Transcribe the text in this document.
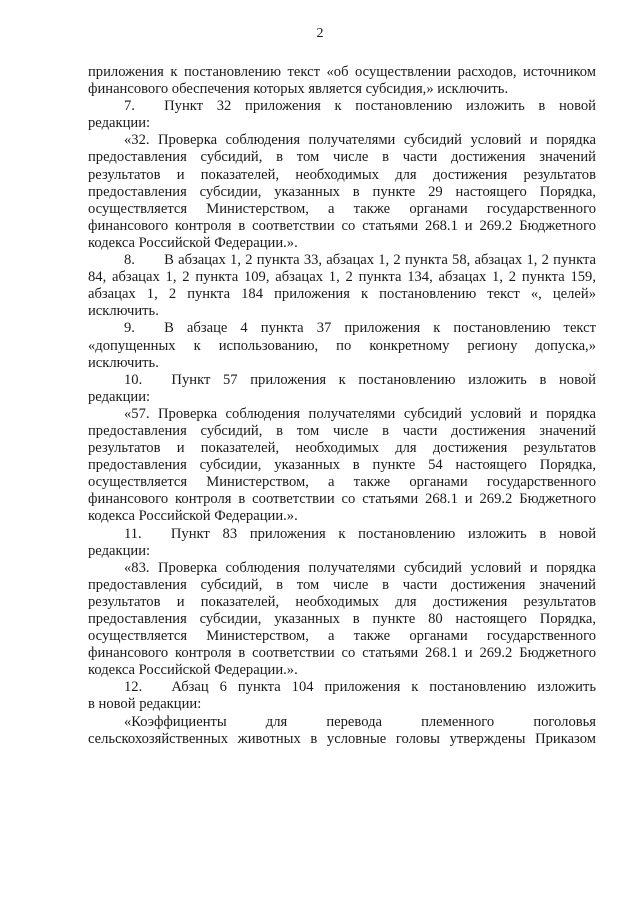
2
приложения к постановлению текст «об осуществлении расходов, источником
финансового обеспечения которых является субсидия,» исключить.
7.  Пункт 32 приложения к постановлению изложить в новой
редакции:
«32. Проверка соблюдения получателями субсидий условий и порядка
предоставления субсидий, в том числе в части достижения значений
результатов и показателей, необходимых для достижения результатов
предоставления субсидии, указанных в пункте 29 настоящего Порядка,
осуществляется Министерством, а также органами государственного
финансового контроля в соответствии со статьями 268.1 и 269.2 Бюджетного
кодекса Российской Федерации.».
8.  В абзацах 1, 2 пункта 33, абзацах 1, 2 пункта 58, абзацах 1, 2 пункта
84, абзацах 1, 2 пункта 109, абзацах 1, 2 пункта 134, абзацах 1, 2 пункта 159,
абзацах 1, 2 пункта 184 приложения к постановлению текст «, целей»
исключить.
9.  В абзаце 4 пункта 37 приложения к постановлению текст
«допущенных к использованию, по конкретному региону допуска,»
исключить.
10.  Пункт 57 приложения к постановлению изложить в новой
редакции:
«57. Проверка соблюдения получателями субсидий условий и порядка
предоставления субсидий, в том числе в части достижения значений
результатов и показателей, необходимых для достижения результатов
предоставления субсидии, указанных в пункте 54 настоящего Порядка,
осуществляется Министерством, а также органами государственного
финансового контроля в соответствии со статьями 268.1 и 269.2 Бюджетного
кодекса Российской Федерации.».
11.  Пункт 83 приложения к постановлению изложить в новой
редакции:
«83. Проверка соблюдения получателями субсидий условий и порядка
предоставления субсидий, в том числе в части достижения значений
результатов и показателей, необходимых для достижения результатов
предоставления субсидии, указанных в пункте 80 настоящего Порядка,
осуществляется Министерством, а также органами государственного
финансового контроля в соответствии со статьями 268.1 и 269.2 Бюджетного
кодекса Российской Федерации.».
12.  Абзац 6 пункта 104 приложения к постановлению изложить
в новой редакции:
«Коэффициенты для перевода племенного поголовья
сельскохозяйственных животных в условные головы утверждены Приказом
